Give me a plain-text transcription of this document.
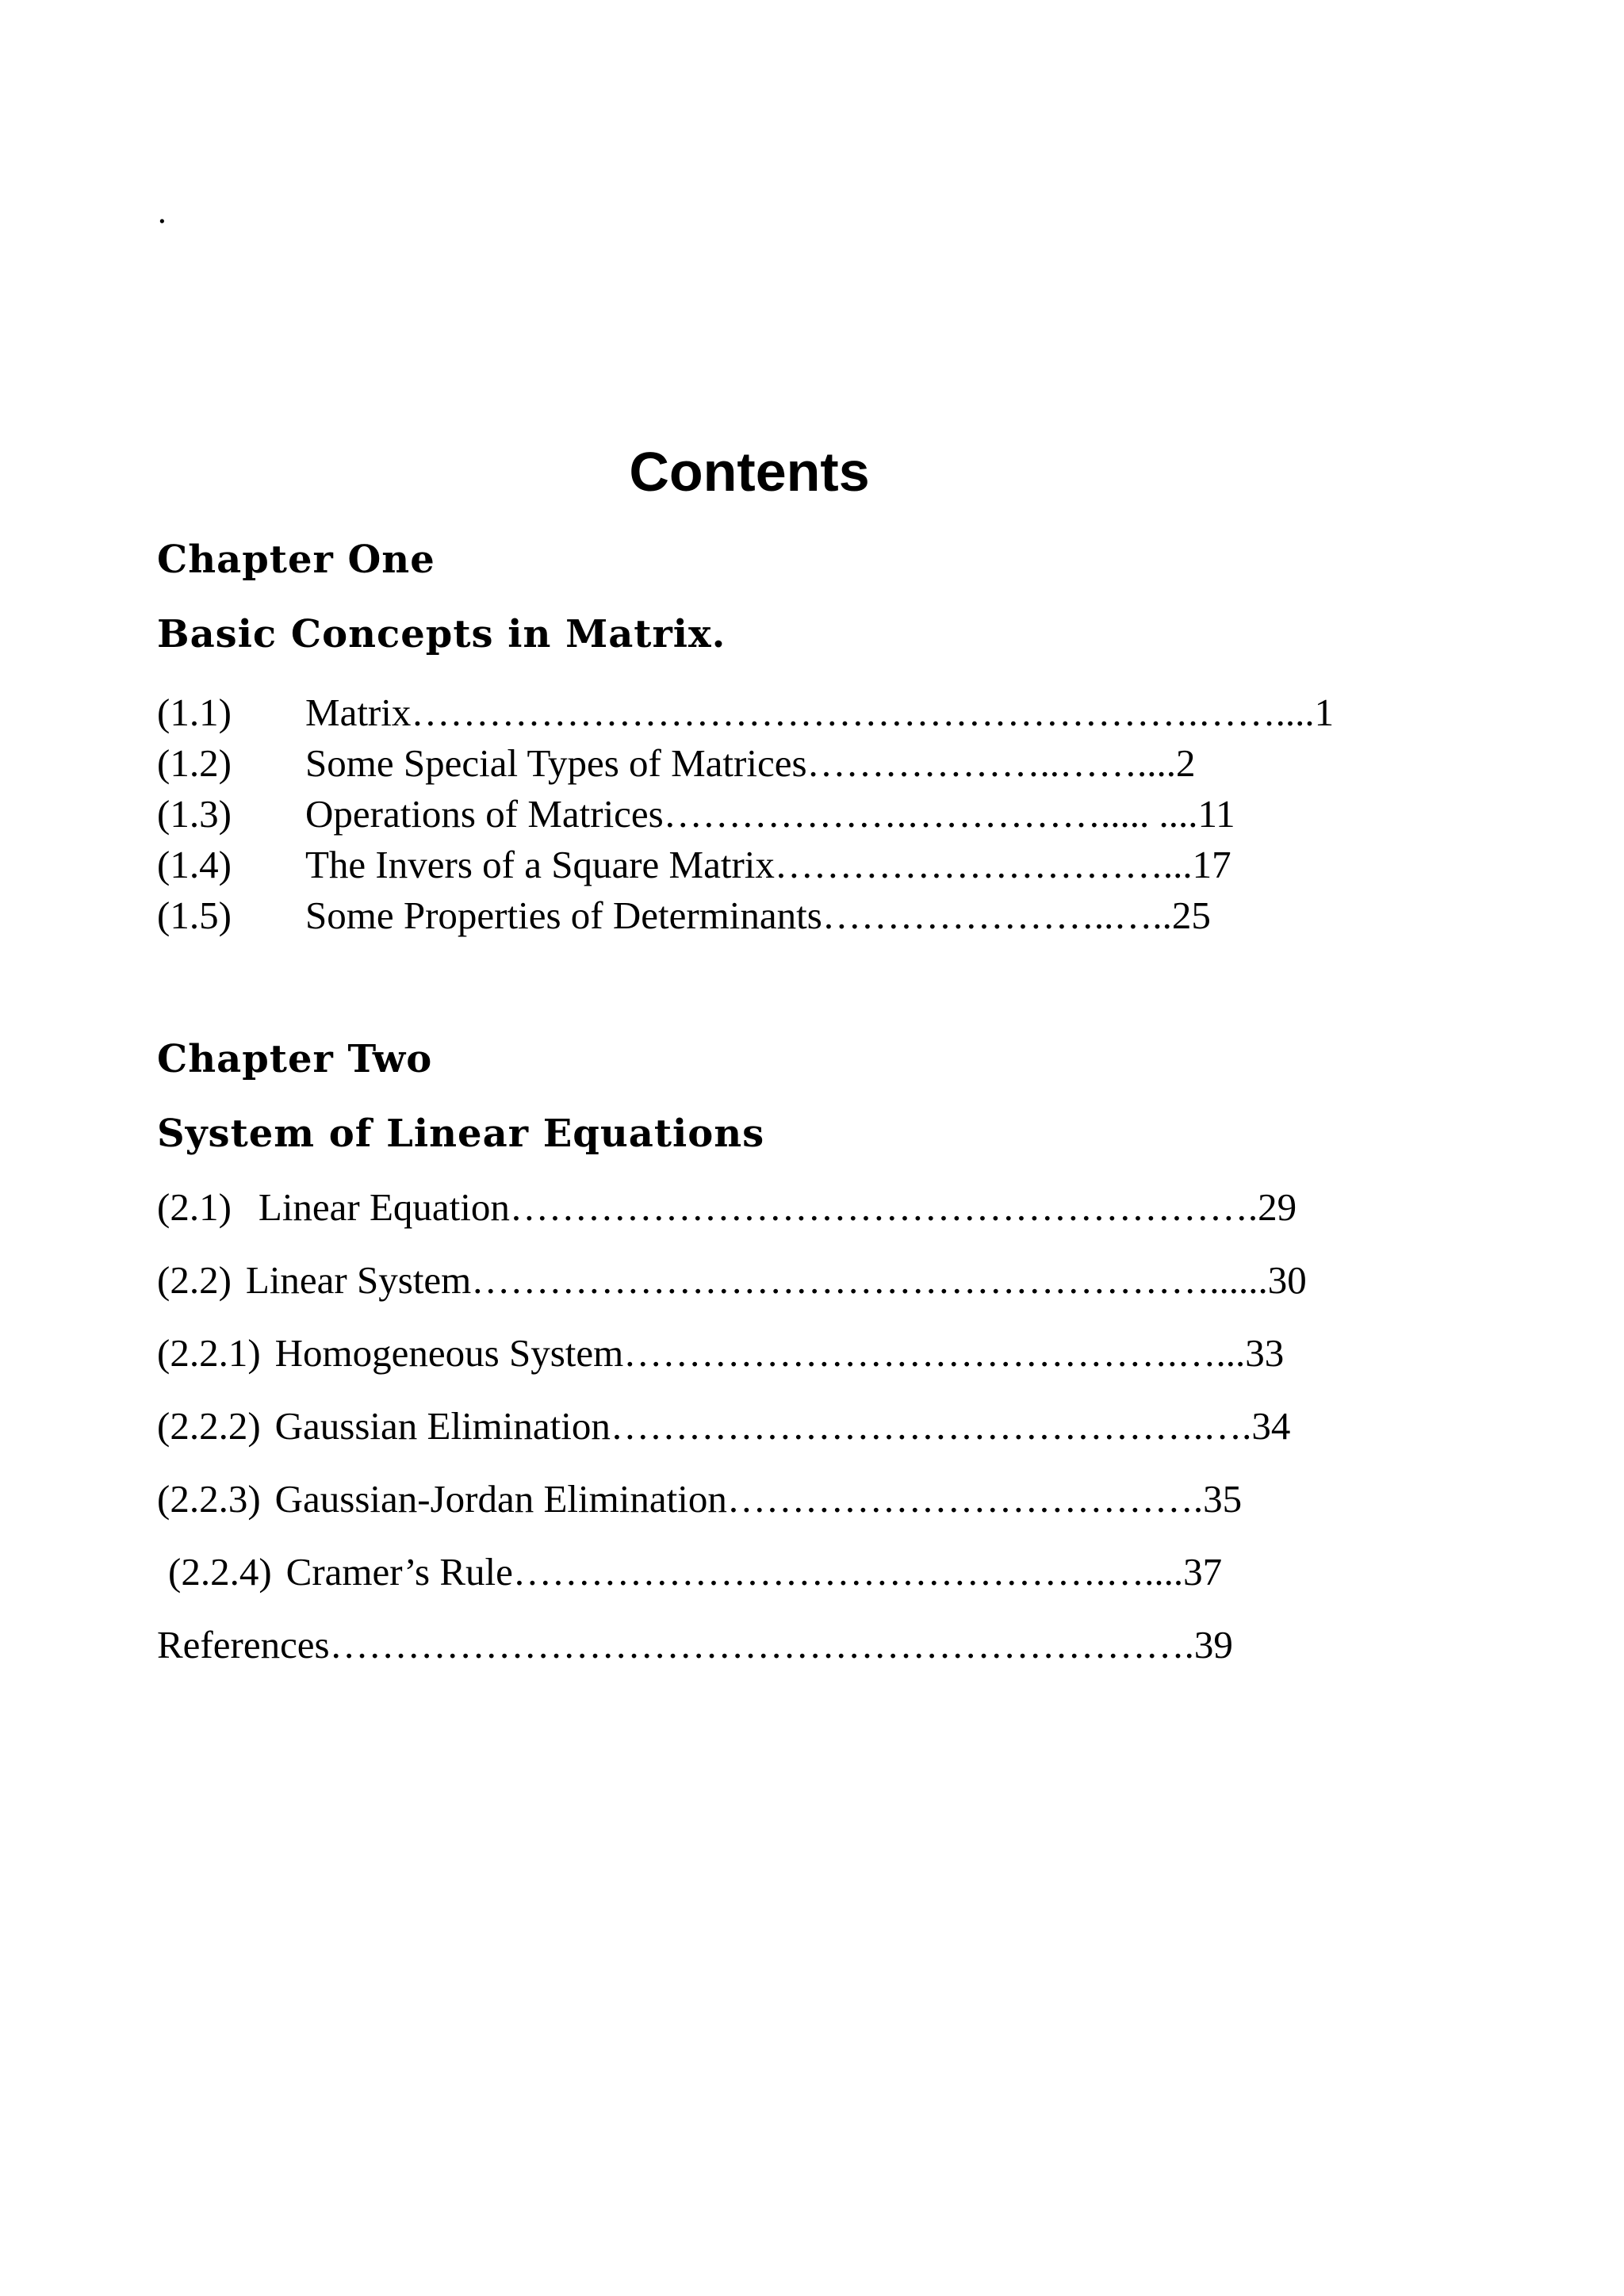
.
Contents
Chapter One
Basic Concepts in Matrix.
(1.1) Matrix…………………………………………………….……....1
(1.2) Some Special Types of Matrices………………..……....2
(1.3) Operations of Matrices……………….……………..... ....11
(1.4) The Invers of a Square Matrix…………………………...17
(1.5) Some Properties of Determinants…………………..…..25
Chapter Two
System of Linear Equations
(2.1) Linear Equation………………………………………………….29
(2.2) Linear System…………………………………………………......30
(2.2.1) Homogeneous System…………………………………….…...33
(2.2.2) Gaussian Elimination……………………………………….….34
(2.2.3) Gaussian-Jordan Elimination……………………………….35
(2.2.4) Cramer’s Rule……………………………………….…....37
References………………………………………………………….39
